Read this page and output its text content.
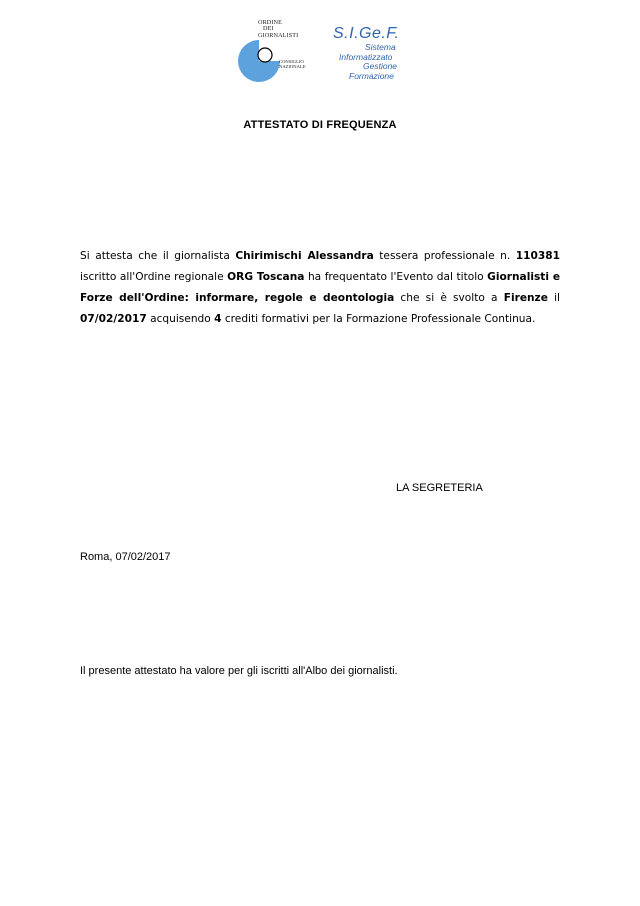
ORDINE
DEI
GIORNALISTI
CONSIGLIO
NAZIONALE
S.I.Ge.F.
Sistema
Informatizzato
Gestione
Formazione
ATTESTATO DI FREQUENZA
Si attesta che il giornalista Chirimischi Alessandra tessera professionale n. 110381 iscritto all'Ordine regionale ORG Toscana ha frequentato l'Evento dal titolo Giornalisti e Forze dell'Ordine: informare, regole e deontologia che si è svolto a Firenze il 07/02/2017 acquisendo 4 crediti formativi per la Formazione Professionale Continua.
LA SEGRETERIA
Roma, 07/02/2017
Il presente attestato ha valore per gli iscritti all'Albo dei giornalisti.
